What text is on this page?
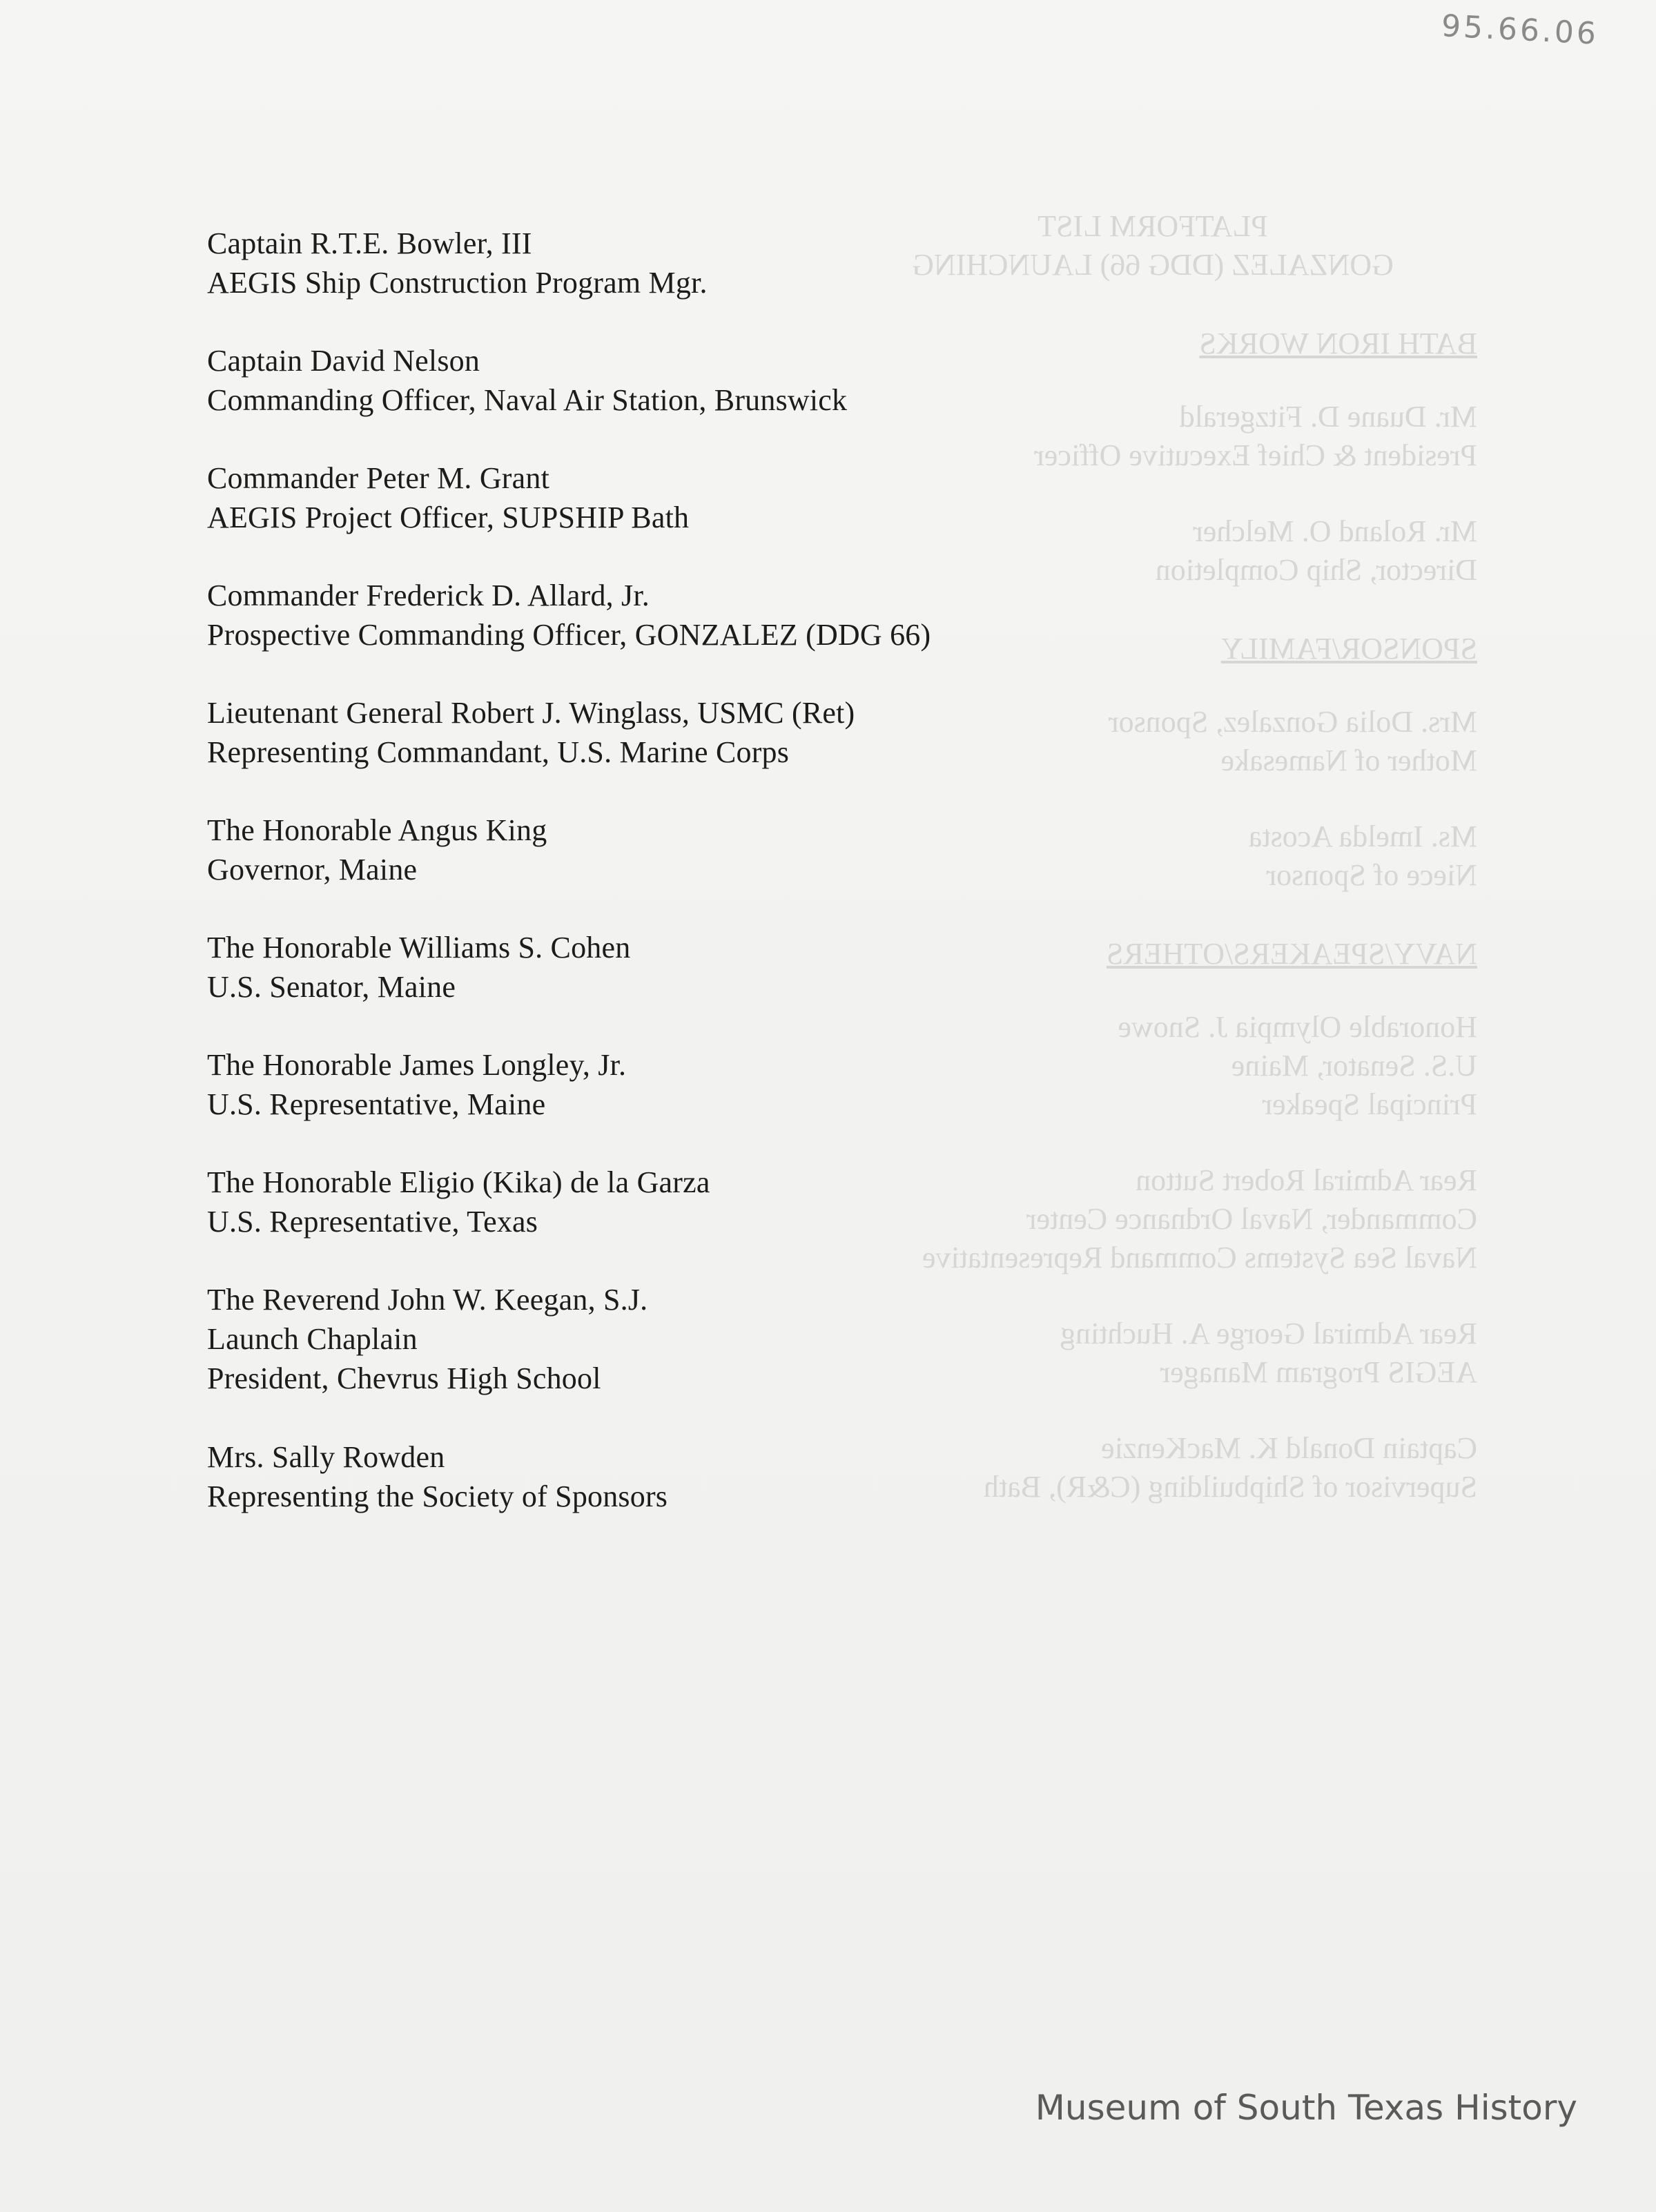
95.66.06
PLATFORM LIST
GONZALEZ (DDG 66) LAUNCHING
BATH IRON WORKS
Mr. Duane D. Fitzgerald
President & Chief Executive Officer
Mr. Roland O. Melcher
Director, Ship Completion
SPONSOR/FAMILY
Mrs. Dolia Gonzalez, Sponsor
Mother of Namesake
Ms. Imelda Acosta
Niece of Sponsor
NAVY/SPEAKERS/OTHERS
Honorable Olympia J. Snowe
U.S. Senator, Maine
Principal Speaker
Rear Admiral Robert Sutton
Commander, Naval Ordnance Center
Naval Sea Systems Command Representative
Rear Admiral George A. Huchting
AEGIS Program Manager
Captain Donald K. MacKenzie
Supervisor of Shipbuilding (C&R), Bath
Captain R.T.E. Bowler, III
AEGIS Ship Construction Program Mgr.
Captain David Nelson
Commanding Officer, Naval Air Station, Brunswick
Commander Peter M. Grant
AEGIS Project Officer, SUPSHIP Bath
Commander Frederick D. Allard, Jr.
Prospective Commanding Officer, GONZALEZ (DDG 66)
Lieutenant General Robert J. Winglass, USMC (Ret)
Representing Commandant, U.S. Marine Corps
The Honorable Angus King
Governor, Maine
The Honorable Williams S. Cohen
U.S. Senator, Maine
The Honorable James Longley, Jr.
U.S. Representative, Maine
The Honorable Eligio (Kika) de la Garza
U.S. Representative, Texas
The Reverend John W. Keegan, S.J.
Launch Chaplain
President, Chevrus High School
Mrs. Sally Rowden
Representing the Society of Sponsors
Museum of South Texas History
